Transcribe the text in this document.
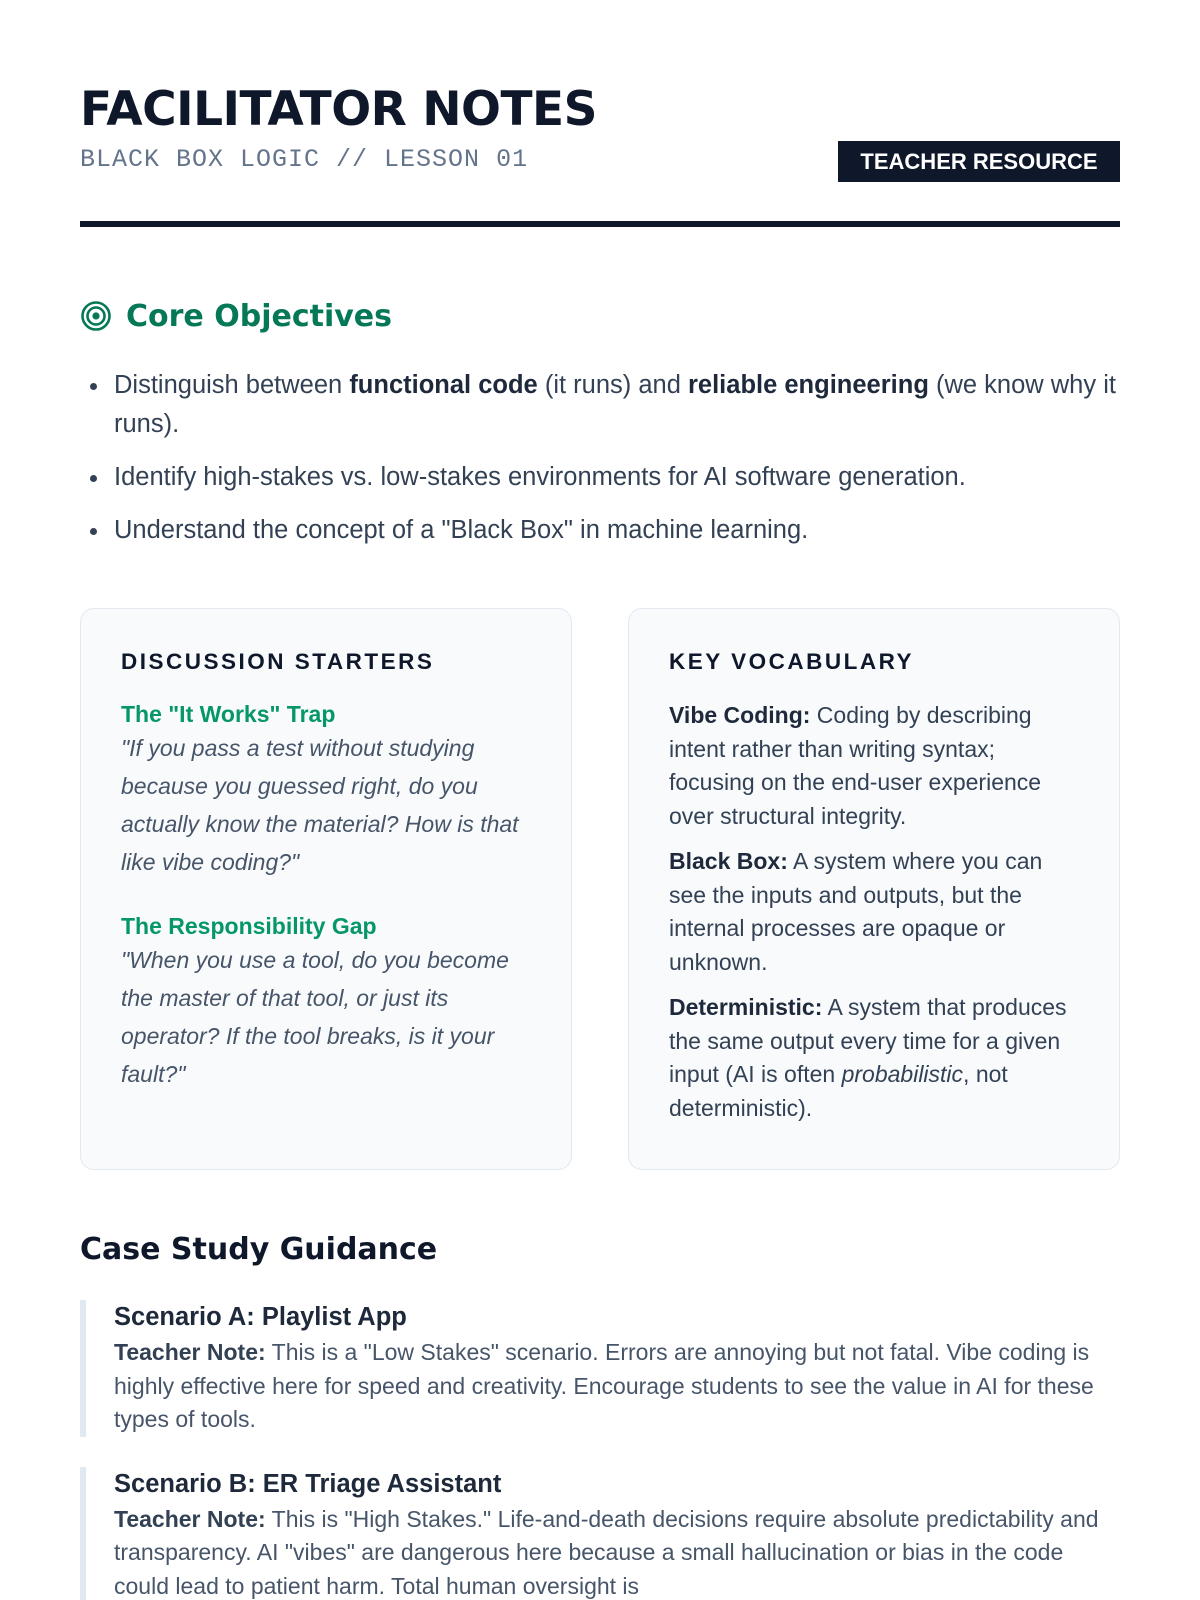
FACILITATOR NOTES
BLACK BOX LOGIC // LESSON 01	TEACHER RESOURCE
Core Objectives
Distinguish between functional code (it runs) and reliable engineering (we know why it runs).
Identify high-stakes vs. low-stakes environments for AI software generation.
Understand the concept of a "Black Box" in machine learning.
DISCUSSION STARTERS
The "It Works" Trap
"If you pass a test without studying because you guessed right, do you actually know the material? How is that like vibe coding?"
The Responsibility Gap
"When you use a tool, do you become the master of that tool, or just its operator? If the tool breaks, is it your fault?"
KEY VOCABULARY
Vibe Coding: Coding by describing intent rather than writing syntax; focusing on the end-user experience over structural integrity.
Black Box: A system where you can see the inputs and outputs, but the internal processes are opaque or unknown.
Deterministic: A system that produces the same output every time for a given input (AI is often probabilistic, not deterministic).
Case Study Guidance
Scenario A: Playlist App
Teacher Note: This is a "Low Stakes" scenario. Errors are annoying but not fatal. Vibe coding is highly effective here for speed and creativity. Encourage students to see the value in AI for these types of tools.
Scenario B: ER Triage Assistant
Teacher Note: This is "High Stakes." Life-and-death decisions require absolute predictability and transparency. AI "vibes" are dangerous here because a small hallucination or bias in the code could lead to patient harm. Total human oversight is
